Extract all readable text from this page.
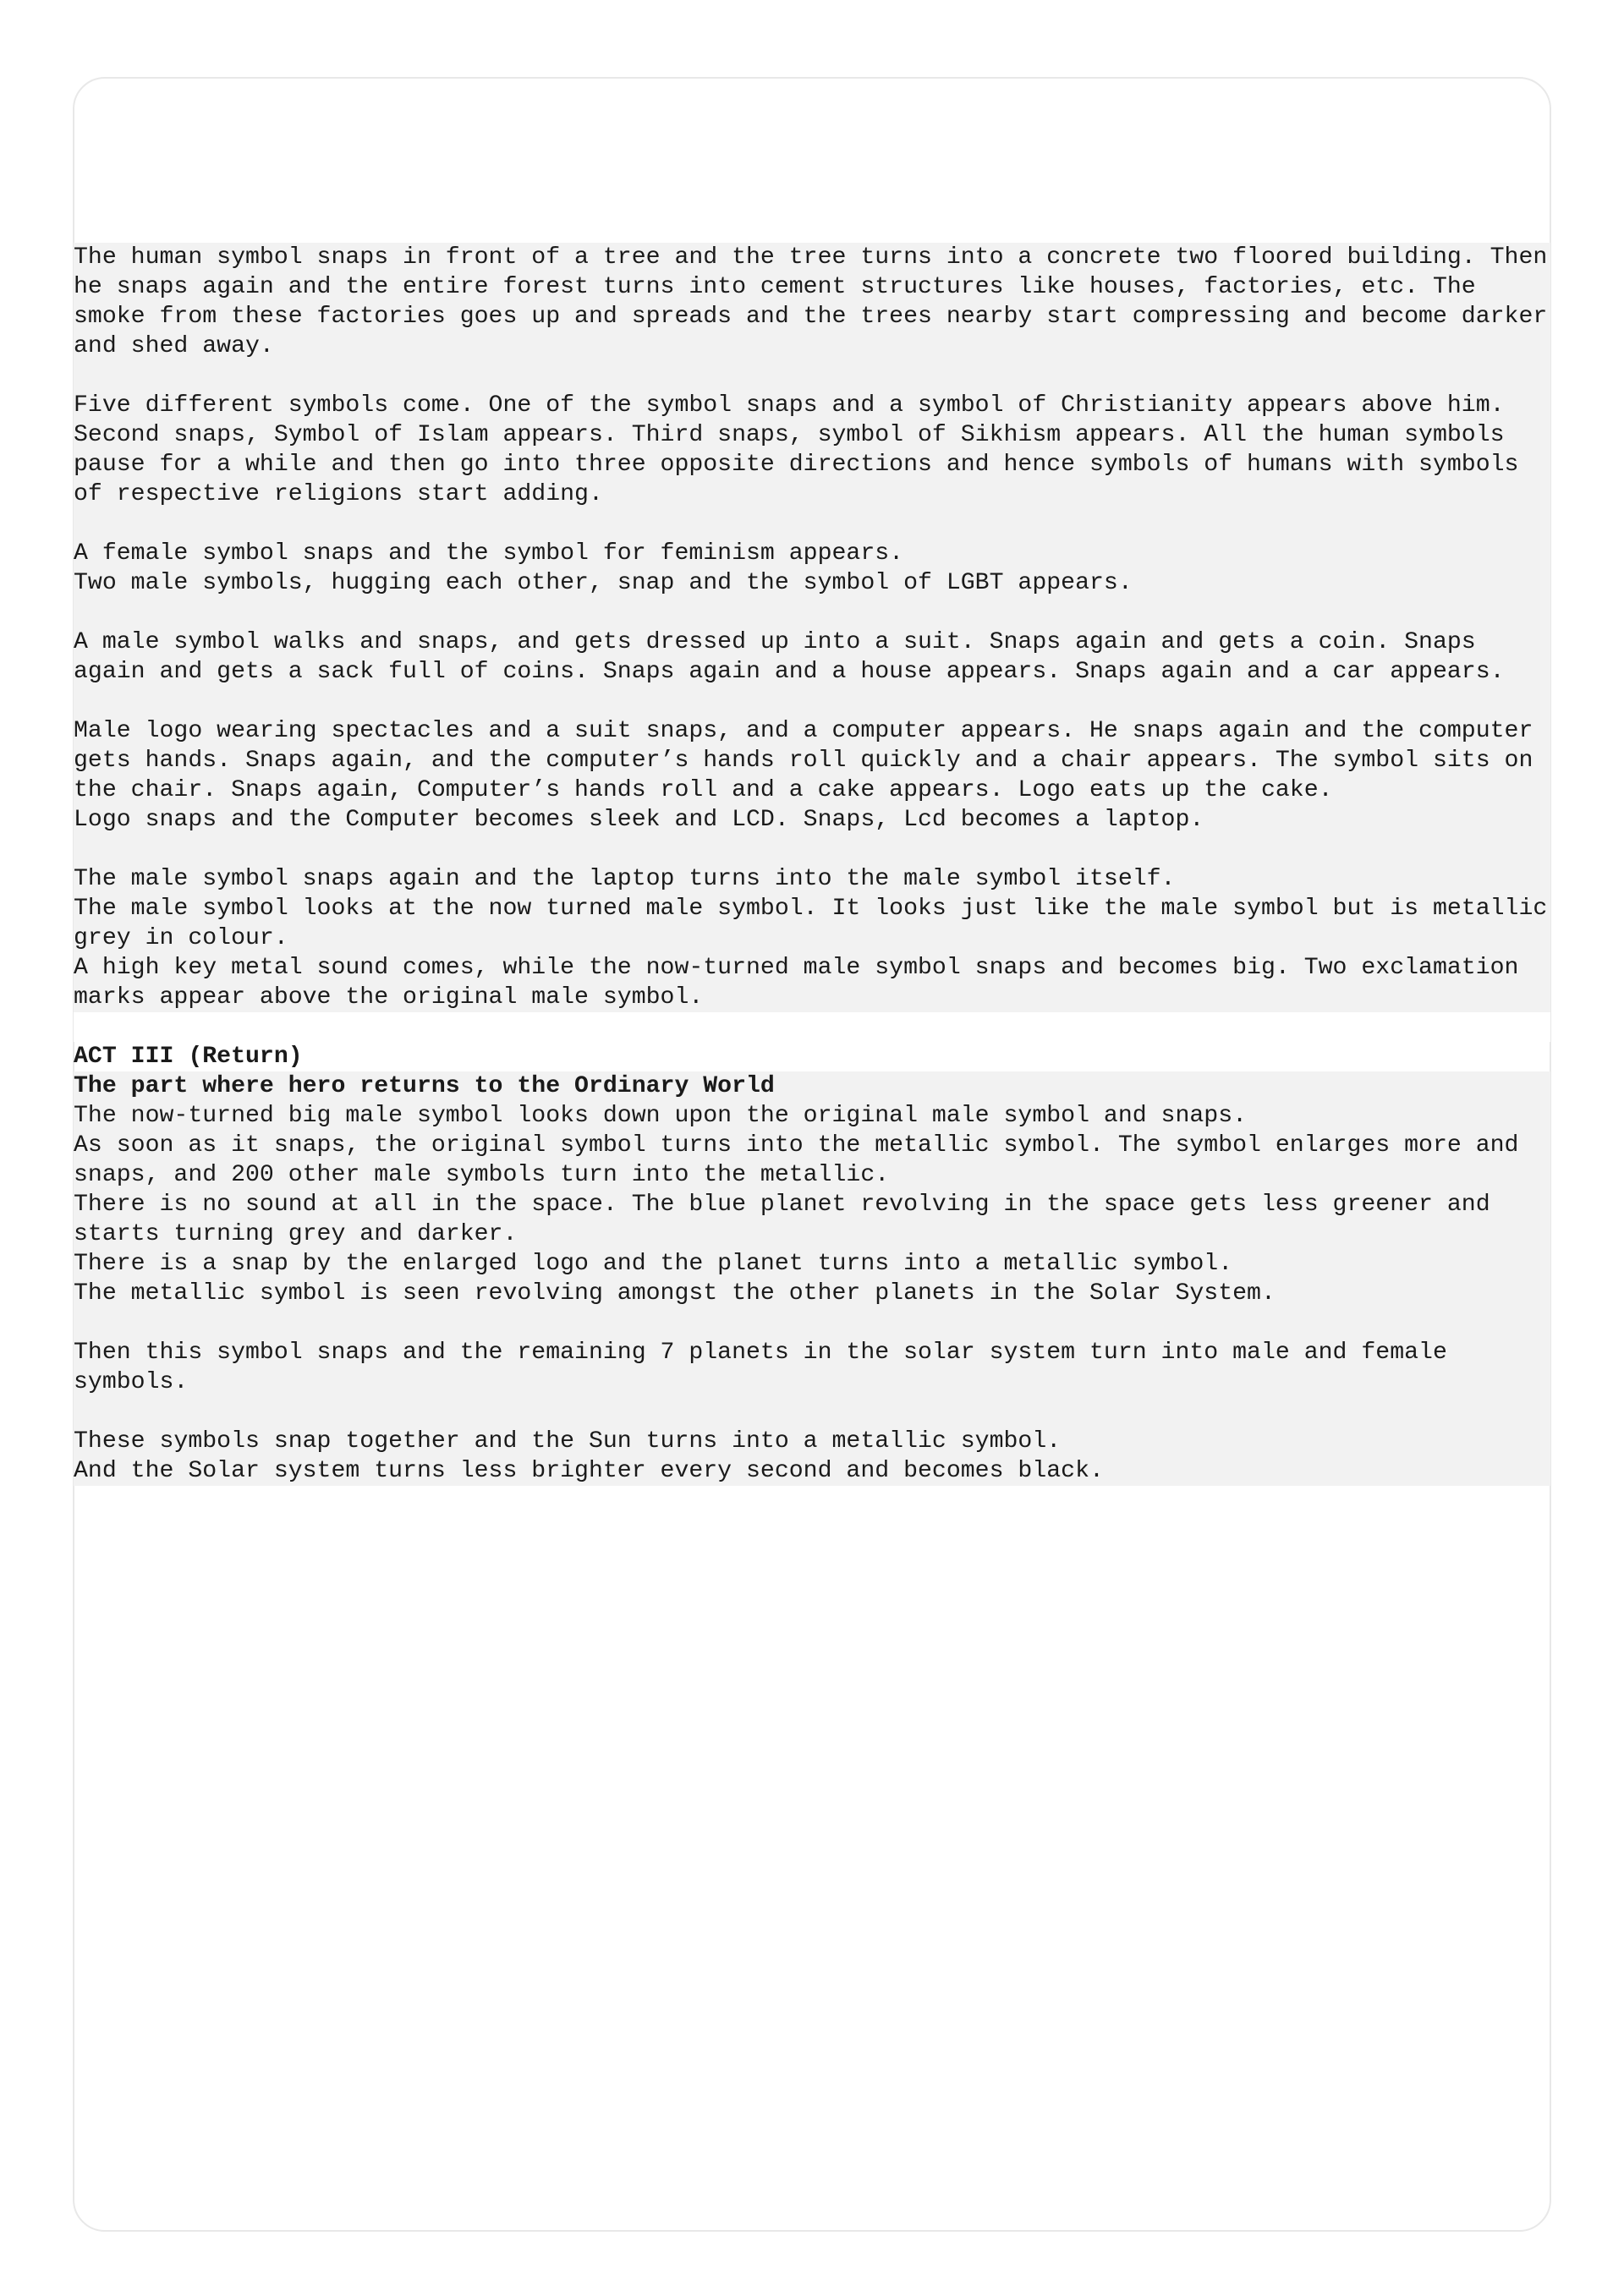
The human symbol snaps in front of a tree and the tree turns into a concrete two floored building. Then he snaps again and the entire forest turns into cement structures like houses, factories, etc. The smoke from these factories goes up and spreads and the trees nearby start compressing and become darker and shed away.

Five different symbols come. One of the symbol snaps and a symbol of Christianity appears above him. Second snaps, Symbol of Islam appears. Third snaps, symbol of Sikhism appears. All the human symbols pause for a while and then go into three opposite directions and hence symbols of humans with symbols of respective religions start adding.

A female symbol snaps and the symbol for feminism appears.
Two male symbols, hugging each other, snap and the symbol of LGBT appears.

A male symbol walks and snaps, and gets dressed up into a suit. Snaps again and gets a coin. Snaps again and gets a sack full of coins. Snaps again and a house appears. Snaps again and a car appears.

Male logo wearing spectacles and a suit snaps, and a computer appears. He snaps again and the computer gets hands. Snaps again, and the computer’s hands roll quickly and a chair appears. The symbol sits on the chair. Snaps again, Computer’s hands roll and a cake appears. Logo eats up the cake.
Logo snaps and the Computer becomes sleek and LCD. Snaps, Lcd becomes a laptop.

The male symbol snaps again and the laptop turns into the male symbol itself.
The male symbol looks at the now turned male symbol. It looks just like the male symbol but is metallic grey in colour.
A high key metal sound comes, while the now-turned male symbol snaps and becomes big. Two exclamation marks appear above the original male symbol.

ACT III (Return)

The part where hero returns to the Ordinary World

The now-turned big male symbol looks down upon the original male symbol and snaps.
As soon as it snaps, the original symbol turns into the metallic symbol. The symbol enlarges more and snaps, and 200 other male symbols turn into the metallic.
There is no sound at all in the space. The blue planet revolving in the space gets less greener and starts turning grey and darker.
There is a snap by the enlarged logo and the planet turns into a metallic symbol.
The metallic symbol is seen revolving amongst the other planets in the Solar System.

Then this symbol snaps and the remaining 7 planets in the solar system turn into male and female symbols.

These symbols snap together and the Sun turns into a metallic symbol.
And the Solar system turns less brighter every second and becomes black.
